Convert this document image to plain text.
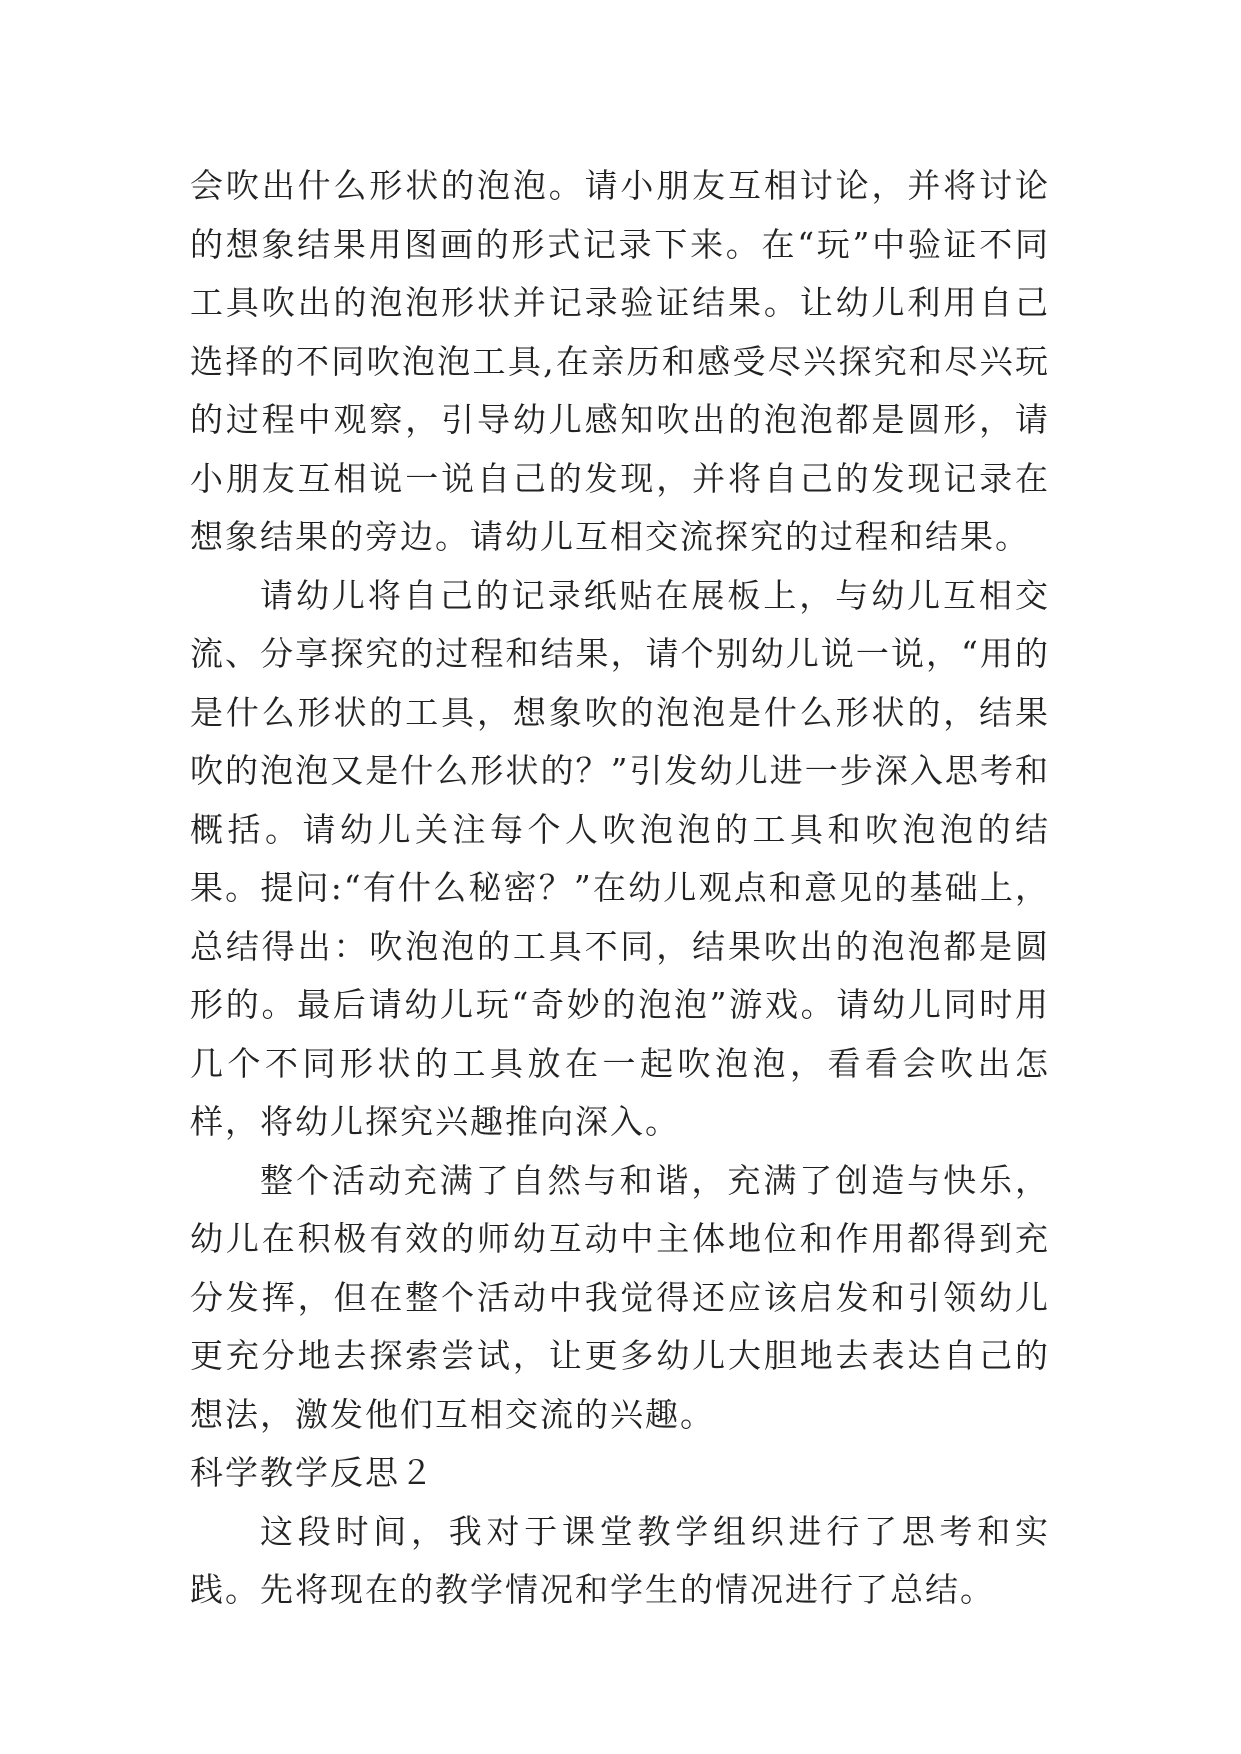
会吹出什么形状的泡泡。请小朋友互相讨论，并将讨论的想象结果用图画的形式记录下来。在“玩”中验证不同工具吹出的泡泡形状并记录验证结果。让幼儿利用自己选择的不同吹泡泡工具,在亲历和感受尽兴探究和尽兴玩的过程中观察，引导幼儿感知吹出的泡泡都是圆形，请小朋友互相说一说自己的发现，并将自己的发现记录在想象结果的旁边。请幼儿互相交流探究的过程和结果。

请幼儿将自己的记录纸贴在展板上，与幼儿互相交流、分享探究的过程和结果，请个别幼儿说一说，“用的是什么形状的工具，想象吹的泡泡是什么形状的，结果吹的泡泡又是什么形状的？”引发幼儿进一步深入思考和概括。请幼儿关注每个人吹泡泡的工具和吹泡泡的结果。提问:“有什么秘密？”在幼儿观点和意见的基础上，总结得出：吹泡泡的工具不同，结果吹出的泡泡都是圆形的。最后请幼儿玩“奇妙的泡泡”游戏。请幼儿同时用几个不同形状的工具放在一起吹泡泡，看看会吹出怎样，将幼儿探究兴趣推向深入。

整个活动充满了自然与和谐，充满了创造与快乐，幼儿在积极有效的师幼互动中主体地位和作用都得到充分发挥，但在整个活动中我觉得还应该启发和引领幼儿更充分地去探索尝试，让更多幼儿大胆地去表达自己的想法，激发他们互相交流的兴趣。

科学教学反思２

这段时间，我对于课堂教学组织进行了思考和实践。先将现在的教学情况和学生的情况进行了总结。
